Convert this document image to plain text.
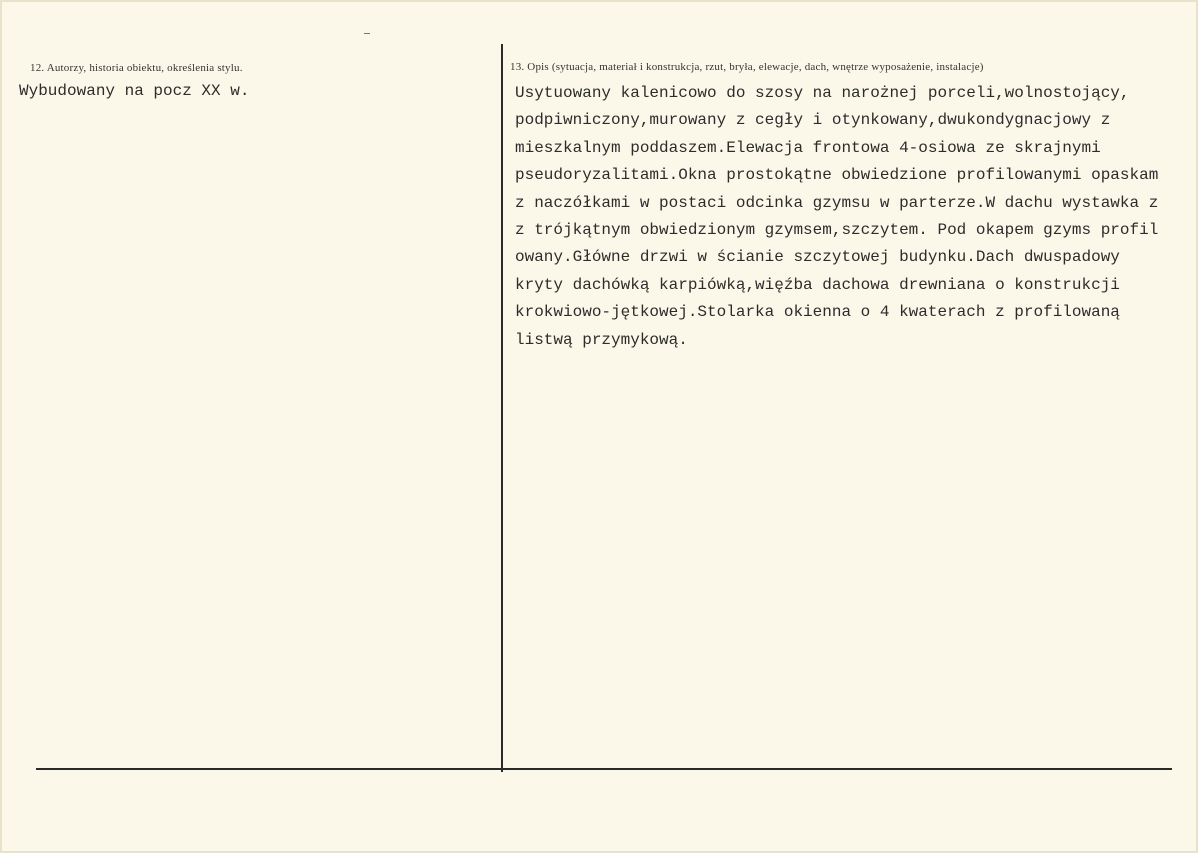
12. Autorzy, historia obiektu, określenia stylu.
Wybudowany na pocz XX w.
13. Opis (sytuacja, materiał i konstrukcja, rzut, bryła, elewacje, dach, wnętrze wyposażenie, instalacje)
Usytuowany kalenicowo do szosy na narożnej porceli,wolnostojący,
podpiwniczony,murowany z cegły i otynkowany,dwukondygnacjowy z
mieszkalnym poddaszem.Elewacja frontowa 4-osiowa ze skrajnymi
pseudoryzalitami.Okna prostokątne obwiedzione profilowanymi opaskam
z naczółkami w postaci odcinka gzymsu w parterze.W dachu wystawka z
z trójkątnym obwiedzionym gzymsem,szczytem. Pod okapem gzyms profil
owany.Główne drzwi w ścianie szczytowej budynku.Dach dwuspadowy
kryty dachówką karpiówką,więźba dachowa drewniana o konstrukcji
krokwiowo-jętkowej.Stolarka okienna o 4 kwaterach z profilowaną
listwą przymykową.
